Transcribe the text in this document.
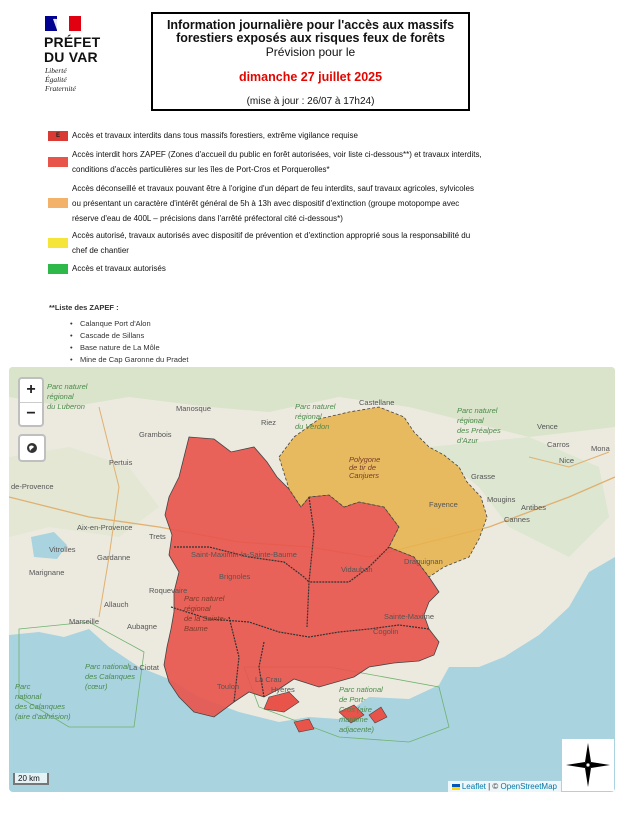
PRÉFET
DU VAR
Liberté
Égalité
Fraternité
Information journalière pour l'accès aux massifs
forestiers exposés aux risques feux de forêts
Prévision pour le
dimanche 27 juillet 2025
(mise à jour : 26/07 à 17h24)
E	Accès et travaux interdits dans tous massifs forestiers, extrême vigilance requise
Accès interdit hors ZAPEF (Zones d'accueil du public en forêt autorisées, voir liste ci-dessous**) et travaux interdits,
conditions d'accès particulières sur les îles de Port-Cros et Porquerolles*
Accès déconseillé et travaux pouvant être à l'origine d'un départ de feu interdits, sauf travaux agricoles, sylvicoles
ou présentant un caractère d'intérêt général de 5h à 13h avec dispositif d'extinction (groupe motopompe avec
réserve d'eau de 400L – précisions dans l'arrêté préfectoral cité ci-dessous*)
Accès autorisé, travaux autorisés avec dispositif de prévention et d'extinction approprié sous la responsabilité du
chef de chantier
Accès et travaux autorisés
**Liste des ZAPEF :
• Calanque Port d'Alon
• Cascade de Sillans
• Base nature de La Môle
• Mine de Cap Garonne du Pradet
Manosque
Castellane
Pertuis
Grasse
Cannes
Antibes
Nice
Mona
Aix-en-Provence
Marseille
La Ciotat
Toulon	Hyères
Draguignan
Vidauban
Sainte-Maxime
Cogolin
Saint-Maximin-la-Sainte-Baume
Brignoles
La Crau
Mougins
Carros
Vence
Gardanne
Marignane
Vitrolles
Allauch
Trets
Roquevaire
Aubagne
de-Provence
Riez
Grambois
Fayence
Parc naturel
régional
du Luberon	Parc naturel
régional
du Verdon
Parc naturel
régional
des Préalpes
d'Azur
Parc naturel
régional
de la Sainte-
Baume
Parc national
des Calanques
(cœur)
Parc
national
des Calanques
(aire d'adhésion)
Parc national
de Port-
Cros (aire
maritime
adjacente)
Polygone
de tir de
Canjuers
+
−
20 km
Leaflet | © OpenStreetMap
